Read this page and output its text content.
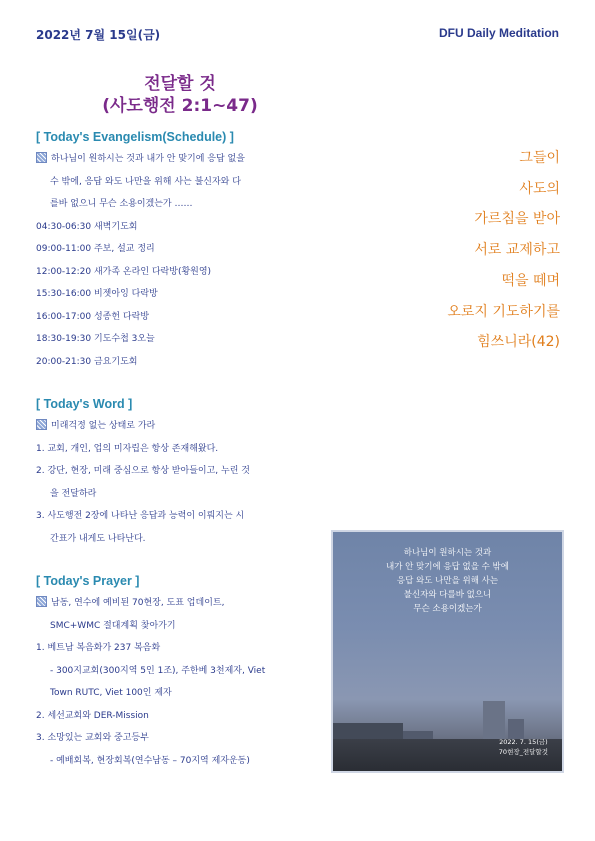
2022년 7월 15일(금)	DFU Daily Meditation
전달할 것
(사도행전 2:1~47)
[ Today's Evangelism(Schedule) ]
하나님이 원하시는 것과 내가 안 맞기에 응답 없을
수 밖에, 응답 와도 나만을 위해 사는 불신자와 다
를바 없으니 무슨 소용이겠는가 ……
04:30-06:30 새벽기도회
09:00-11:00 주보, 설교 정리
12:00-12:20 새가족 온라인 다락방(황원영)
15:30-16:00 비젯아잉 다락방
16:00-17:00 성종헌 다락방
18:30-19:30 기도수첩 3오늘
20:00-21:30 금요기도회
[ Today's Word ]
미래걱정 없는 상태로 가라
1. 교회, 개인, 업의 미자립은 항상 존재해왔다.
2. 강단, 현장, 미래 중심으로 항상 받아들이고, 누린 것
을 전달하라
3. 사도행전 2장에 나타난 응답과 능력이 이뤄지는 시
간표가 내게도 나타난다.
[ Today's Prayer ]
남동, 연수에 예비된 70현장, 도표 업데이트,
SMC+WMC 절대계획 찾아가기
1. 베트남 복음화가 237 복음화
- 300지교회(300지역 5인 1조), 주한베 3천제자, Viet
Town RUTC, Viet 100인 제자
2. 세선교회와 DER-Mission
3. 소망있는 교회와 중고등부
- 예배회복, 현장회복(연수남동 – 70지역 제자운동)
그들이
사도의
가르침을 받아
서로 교제하고
떡을 떼며
오로지 기도하기를
힘쓰니라(42)
하나님이 원하시는 것과
내가 안 맞기에 응답 없을 수 밖에
응답 와도 나만을 위해 사는
불신자와 다를바 없으니
무슨 소용이겠는가
2022. 7. 15(금)
70현장_전달할것
